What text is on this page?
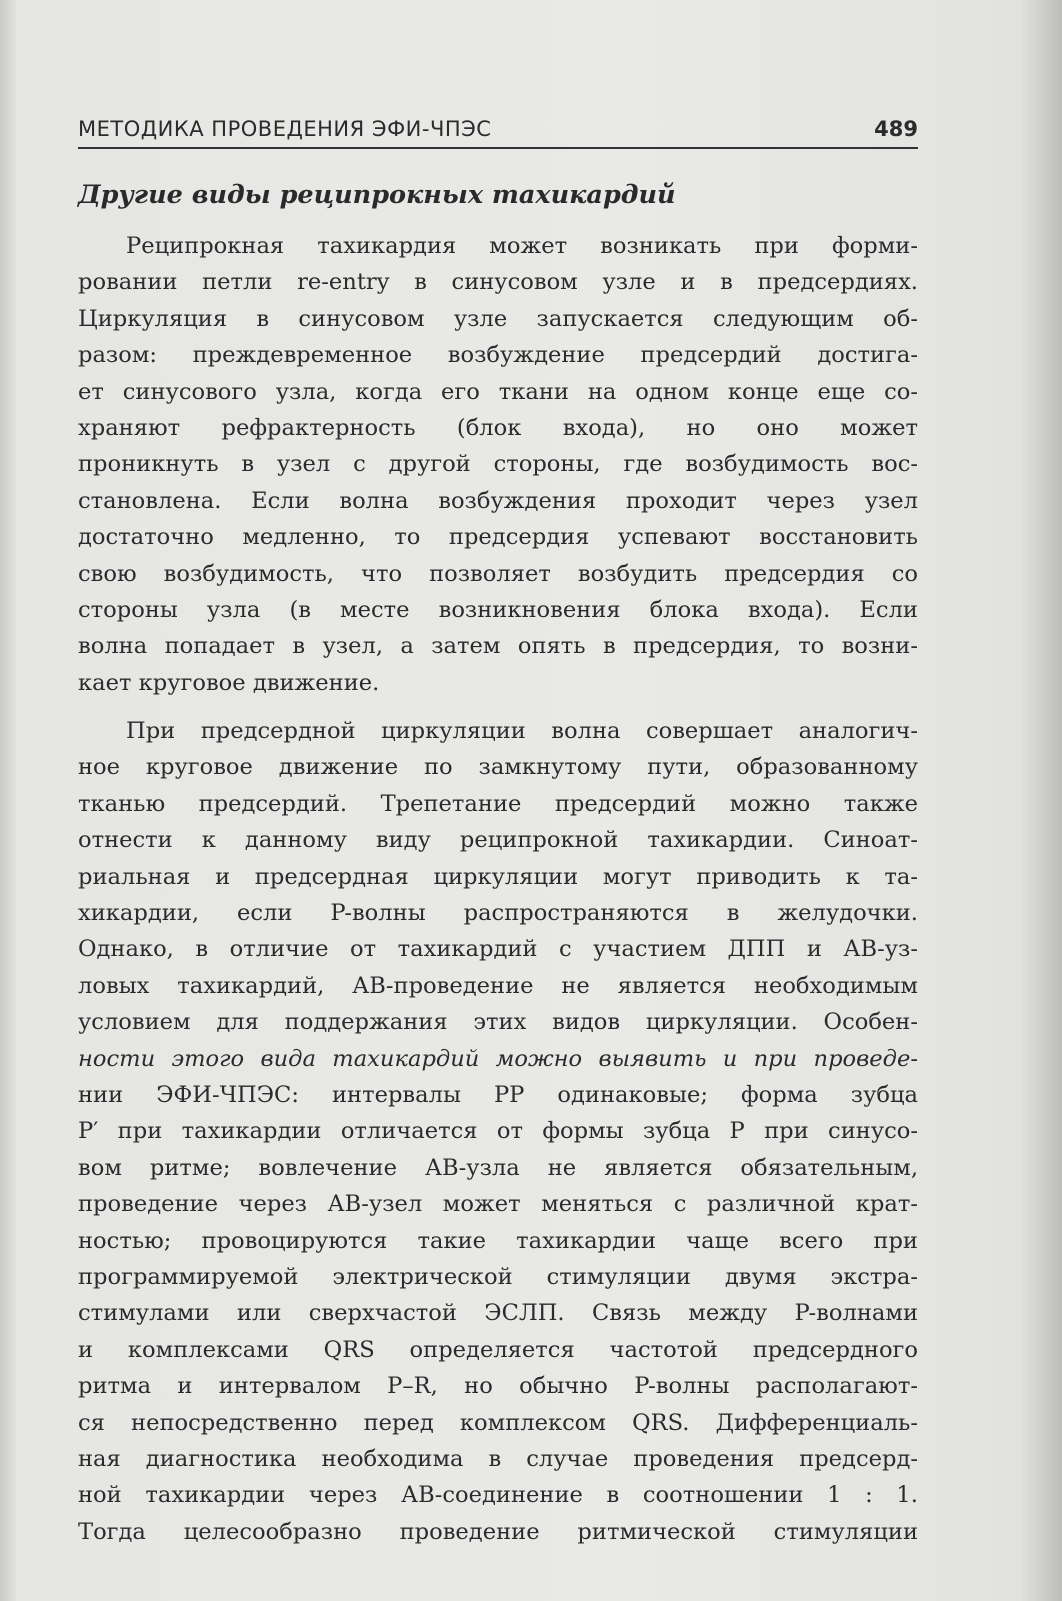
МЕТОДИКА ПРОВЕДЕНИЯ ЭФИ-ЧПЭС	489
Другие виды реципрокных тахикардий
Реципрокная тахикардия может возникать при форми-
ровании петли re-entry в синусовом узле и в предсердиях.
Циркуляция в синусовом узле запускается следующим об-
разом: преждевременное возбуждение предсердий достига-
ет синусового узла, когда его ткани на одном конце еще со-
храняют рефрактерность (блок входа), но оно может
проникнуть в узел с другой стороны, где возбудимость вос-
становлена. Если волна возбуждения проходит через узел
достаточно медленно, то предсердия успевают восстановить
свою возбудимость, что позволяет возбудить предсердия со
стороны узла (в месте возникновения блока входа). Если
волна попадает в узел, а затем опять в предсердия, то возни-
кает круговое движение.
При предсердной циркуляции волна совершает аналогич-
ное круговое движение по замкнутому пути, образованному
тканью предсердий. Трепетание предсердий можно также
отнести к данному виду реципрокной тахикардии. Синоат-
риальная и предсердная циркуляции могут приводить к та-
хикардии, если P-волны распространяются в желудочки.
Однако, в отличие от тахикардий с участием ДПП и АВ-уз-
ловых тахикардий, АВ-проведение не является необходимым
условием для поддержания этих видов циркуляции. Особен-
ности этого вида тахикардий можно выявить и при проведе-
нии ЭФИ-ЧПЭС: интервалы PP одинаковые; форма зубца
P′ при тахикардии отличается от формы зубца P при синусо-
вом ритме; вовлечение АВ-узла не является обязательным,
проведение через АВ-узел может меняться с различной крат-
ностью; провоцируются такие тахикардии чаще всего при
программируемой электрической стимуляции двумя экстра-
стимулами или сверхчастой ЭСЛП. Связь между P-волнами
и комплексами QRS определяется частотой предсердного
ритма и интервалом P–R, но обычно P-волны располагают-
ся непосредственно перед комплексом QRS. Дифференциаль-
ная диагностика необходима в случае проведения предсерд-
ной тахикардии через АВ-соединение в соотношении 1 : 1.
Тогда целесообразно проведение ритмической стимуляции
